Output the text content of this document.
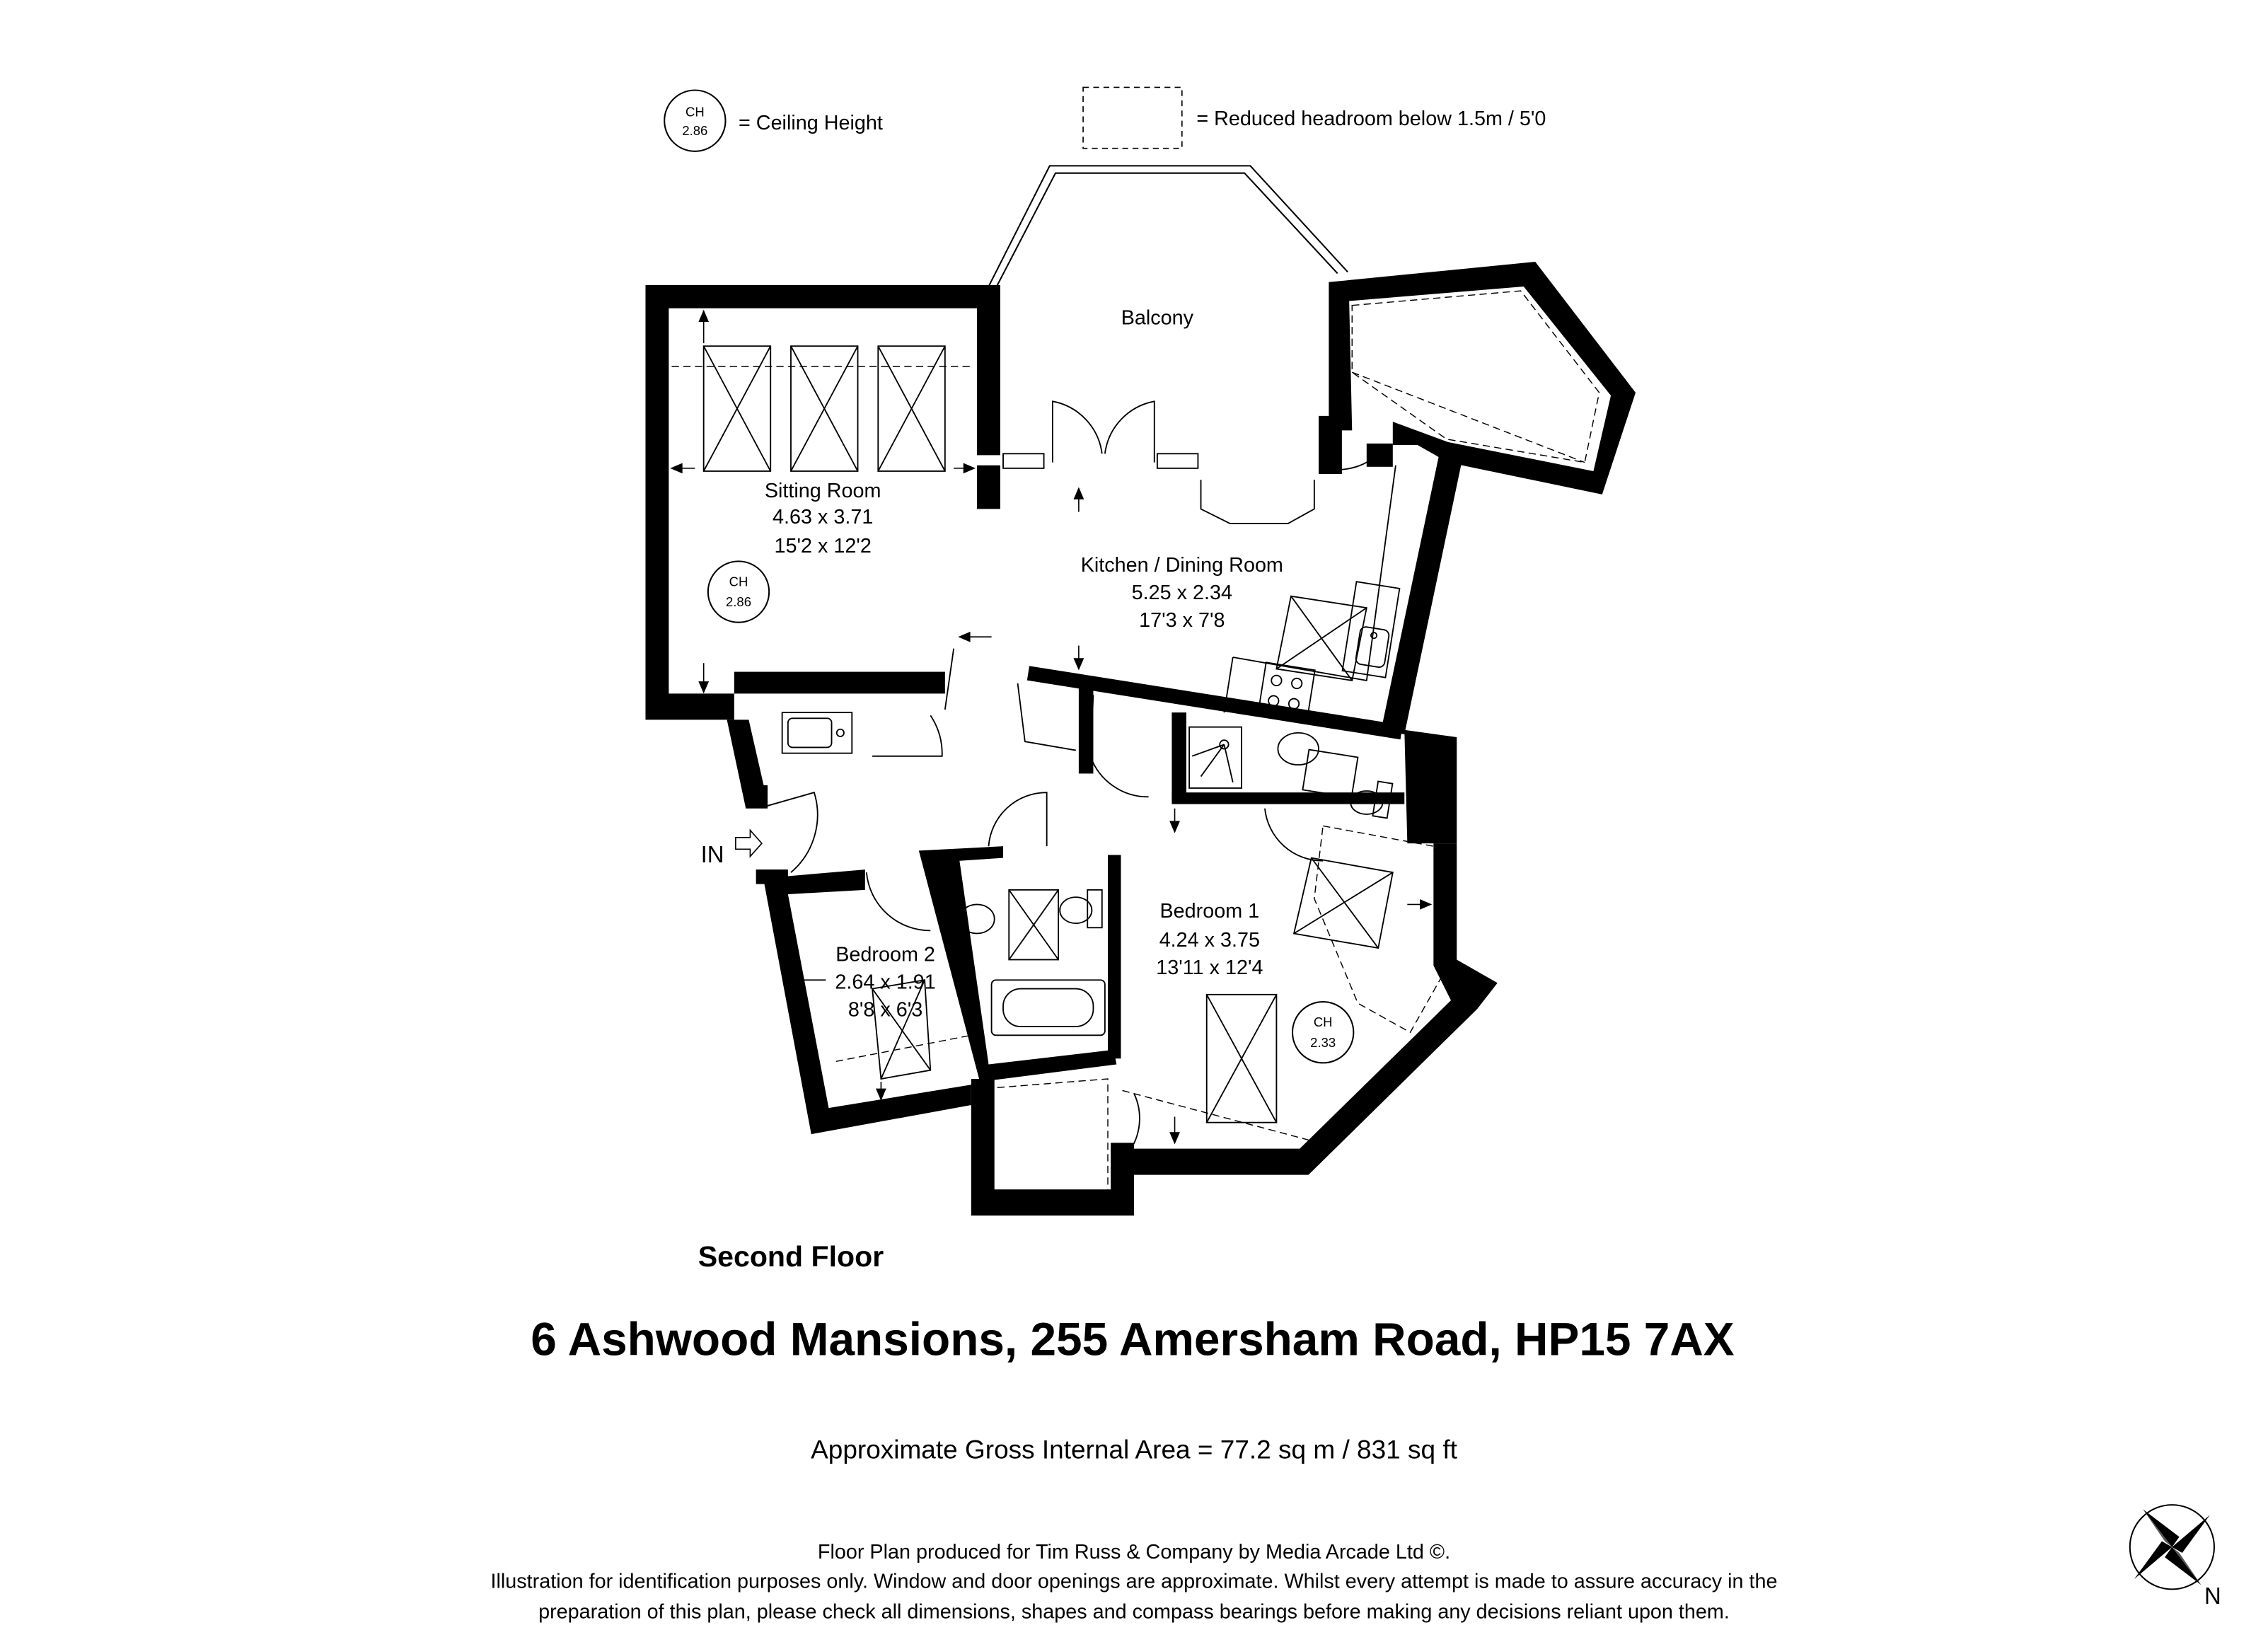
CH
2.86	= Ceiling Height	= Reduced headroom below 1.5m / 5'0
Balcony
Sitting Room
4.63 x 3.71
15'2 x 12'2
Kitchen / Dining Room
5.25 x 2.34
17'3 x 7'8
Bedroom 1
4.24 x 3.75
13'11 x 12'4
Bedroom 2
2.64 x 1.91
8'8 x 6'3
CH
2.86
CH
2.33
IN
Second Floor
6 Ashwood Mansions, 255 Amersham Road, HP15 7AX
Approximate Gross Internal Area = 77.2 sq m / 831 sq ft
Floor Plan produced for Tim Russ & Company by Media Arcade Ltd ©.
Illustration for identification purposes only. Window and door openings are approximate. Whilst every attempt is made to assure accuracy in the
preparation of this plan, please check all dimensions, shapes and compass bearings before making any decisions reliant upon them.
N
